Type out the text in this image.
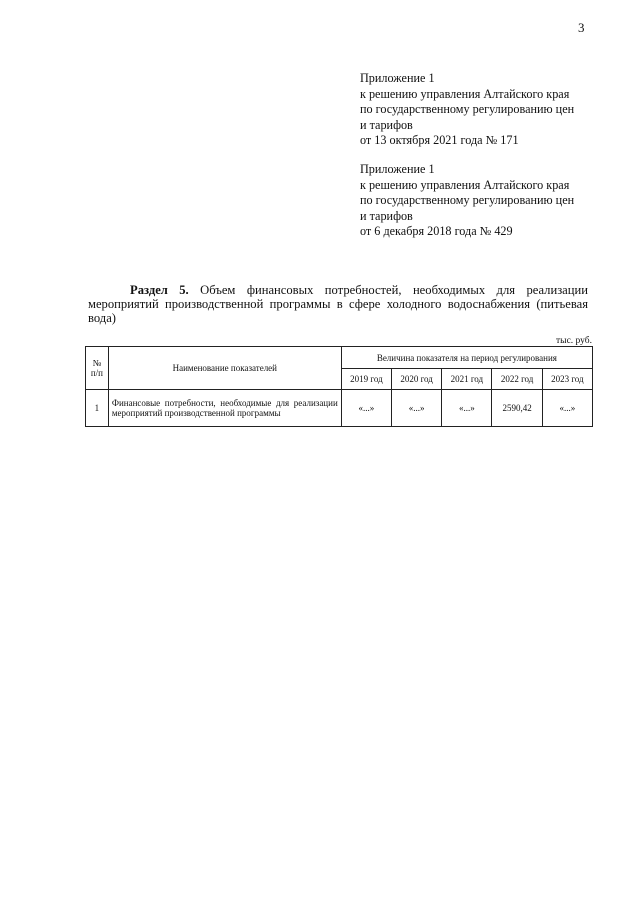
3
Приложение 1
к решению управления Алтайского края
по государственному регулированию цен
и тарифов
от 13 октября 2021 года № 171
Приложение 1
к решению управления Алтайского края
по государственному регулированию цен
и тарифов
от 6 декабря 2018 года № 429
Раздел 5. Объем финансовых потребностей, необходимых для реализации мероприятий производственной программы в сфере холодного водоснабжения (питьевая вода)
тыс. руб.
№
п/п	Наименование показателей	Величина показателя на период регулирования				
		2019 год	2020 год	2021 год	2022 год	2023 год
1	Финансовые потребности, необходимые для реализации мероприятий производственной программы	«...»	«...»	«...»	2590,42	«...»
